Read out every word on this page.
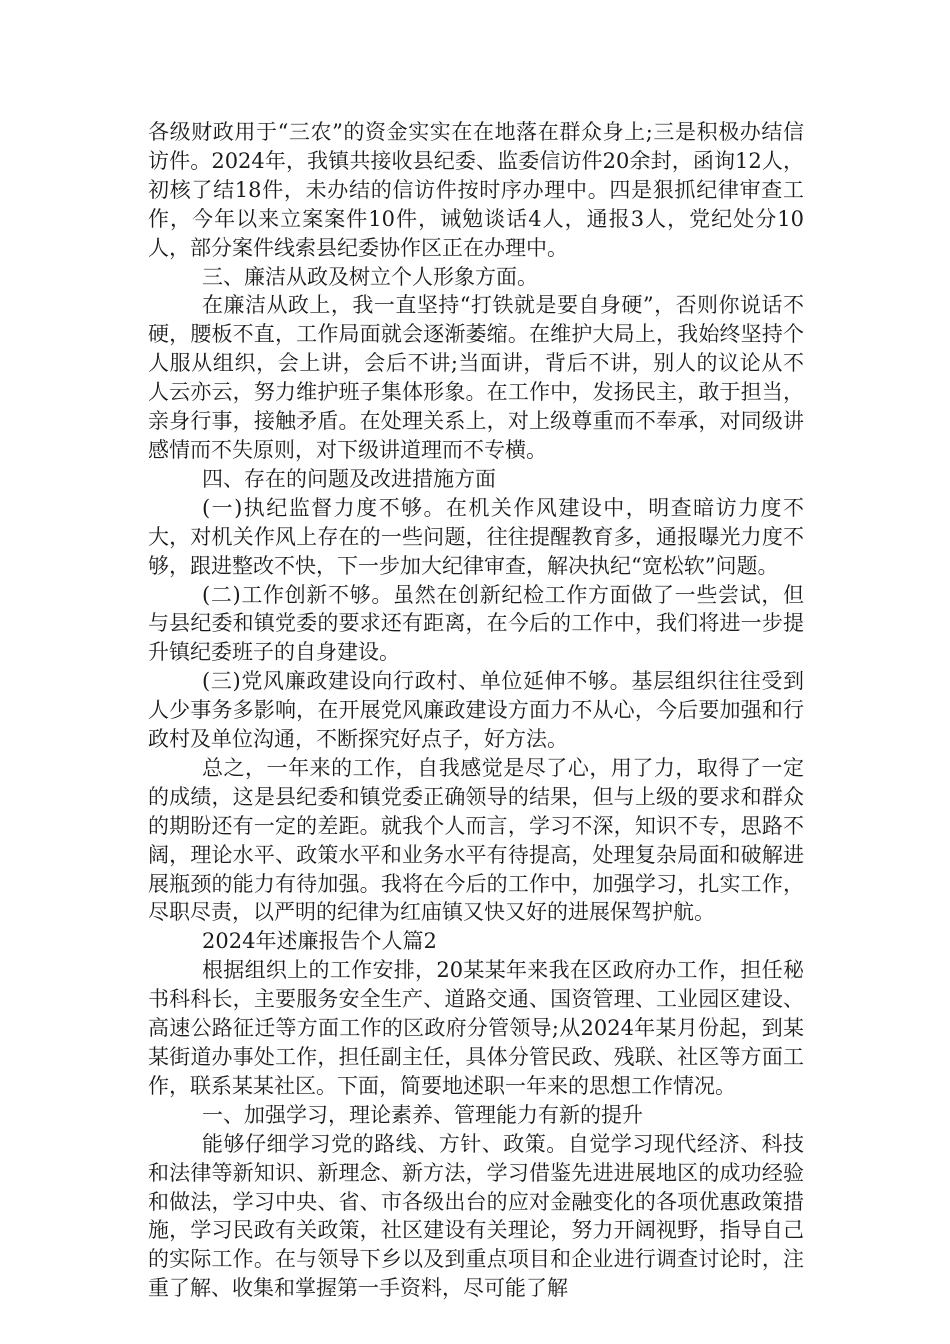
各级财政用于“三农”的资金实实在在地落在群众身上;三是积极办结信访件。2024年，我镇共接收县纪委、监委信访件20余封，函询12人，初核了结18件，未办结的信访件按时序办理中。四是狠抓纪律审查工作，今年以来立案案件10件，诫勉谈话4人，通报3人，党纪处分10人，部分案件线索县纪委协作区正在办理中。

三、廉洁从政及树立个人形象方面。

在廉洁从政上，我一直坚持“打铁就是要自身硬”，否则你说话不硬，腰板不直，工作局面就会逐渐萎缩。在维护大局上，我始终坚持个人服从组织，会上讲，会后不讲;当面讲，背后不讲，别人的议论从不人云亦云，努力维护班子集体形象。在工作中，发扬民主，敢于担当，亲身行事，接触矛盾。在处理关系上，对上级尊重而不奉承，对同级讲感情而不失原则，对下级讲道理而不专横。

四、存在的问题及改进措施方面

(一)执纪监督力度不够。在机关作风建设中，明查暗访力度不大，对机关作风上存在的一些问题，往往提醒教育多，通报曝光力度不够，跟进整改不快，下一步加大纪律审查，解决执纪“宽松软”问题。

(二)工作创新不够。虽然在创新纪检工作方面做了一些尝试，但与县纪委和镇党委的要求还有距离，在今后的工作中，我们将进一步提升镇纪委班子的自身建设。

(三)党风廉政建设向行政村、单位延伸不够。基层组织往往受到人少事务多影响，在开展党风廉政建设方面力不从心，今后要加强和行政村及单位沟通，不断探究好点子，好方法。

总之，一年来的工作，自我感觉是尽了心，用了力，取得了一定的成绩，这是县纪委和镇党委正确领导的结果，但与上级的要求和群众的期盼还有一定的差距。就我个人而言，学习不深，知识不专，思路不阔，理论水平、政策水平和业务水平有待提高，处理复杂局面和破解进展瓶颈的能力有待加强。我将在今后的工作中，加强学习，扎实工作，尽职尽责，以严明的纪律为红庙镇又快又好的进展保驾护航。

2024年述廉报告个人篇2

根据组织上的工作安排，20某某年来我在区政府办工作，担任秘书科科长，主要服务安全生产、道路交通、国资管理、工业园区建设、高速公路征迁等方面工作的区政府分管领导;从2024年某月份起，到某某街道办事处工作，担任副主任，具体分管民政、残联、社区等方面工作，联系某某社区。下面，简要地述职一年来的思想工作情况。

一、加强学习，理论素养、管理能力有新的提升

能够仔细学习党的路线、方针、政策。自觉学习现代经济、科技和法律等新知识、新理念、新方法，学习借鉴先进进展地区的成功经验和做法，学习中央、省、市各级出台的应对金融变化的各项优惠政策措施，学习民政有关政策，社区建设有关理论，努力开阔视野，指导自己的实际工作。在与领导下乡以及到重点项目和企业进行调查讨论时，注重了解、收集和掌握第一手资料，尽可能了解
